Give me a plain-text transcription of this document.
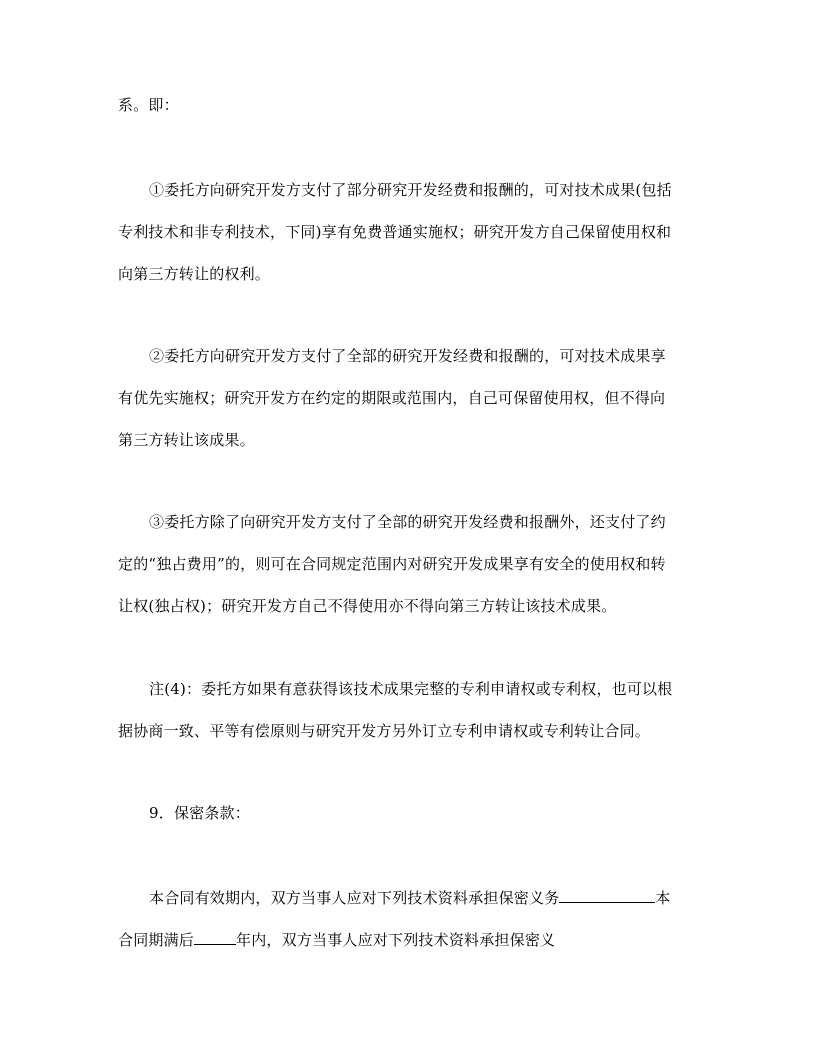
系。即：
①委托方向研究开发方支付了部分研究开发经费和报酬的，可对技术成果(包括
专利技术和非专利技术，下同)享有免费普通实施权；研究开发方自己保留使用权和
向第三方转让的权利。
②委托方向研究开发方支付了全部的研究开发经费和报酬的，可对技术成果享
有优先实施权；研究开发方在约定的期限或范围内，自己可保留使用权，但不得向
第三方转让该成果。
③委托方除了向研究开发方支付了全部的研究开发经费和报酬外，还支付了约
定的“独占费用”的，则可在合同规定范围内对研究开发成果享有安全的使用权和转
让权(独占权)；研究开发方自己不得使用亦不得向第三方转让该技术成果。
注(4)：委托方如果有意获得该技术成果完整的专利申请权或专利权，也可以根
据协商一致、平等有偿原则与研究开发方另外订立专利申请权或专利转让合同。
9．保密条款：
本合同有效期内，双方当事人应对下列技术资料承担保密义务	本
合同期满后	年内，双方当事人应对下列技术资料承担保密义
